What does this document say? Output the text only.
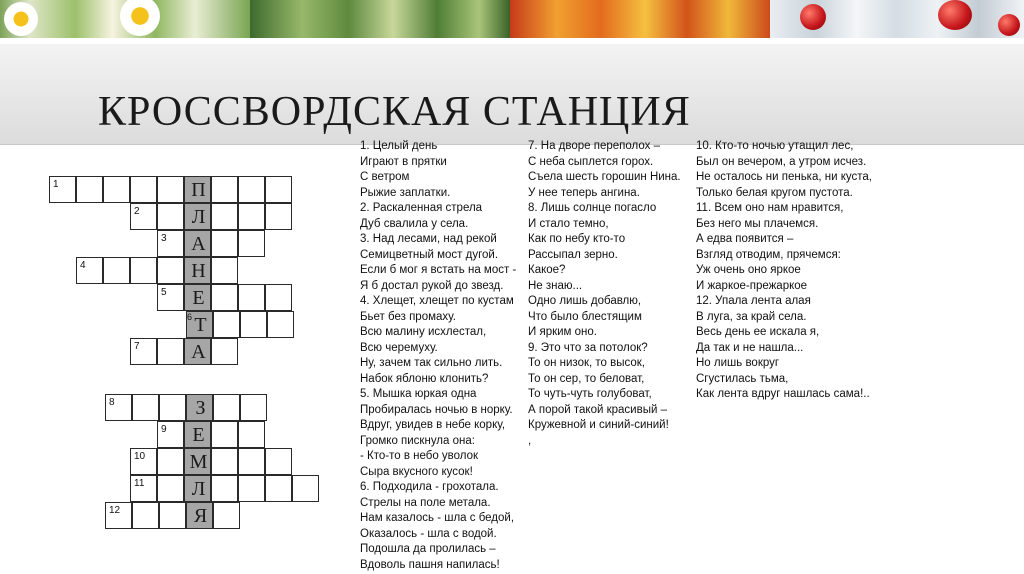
КРОССВОРДСКАЯ СТАНЦИЯ
П
1
Л
2
А
3
Н
4
Е
5
Т
6
А
7
З
8
Е
9
М
10
Л
11
Я
12
1. Целый день
Играют в прятки
С ветром
Рыжие заплатки.
2. Раскаленная стрела
Дуб свалила у села.
3. Над лесами, над рекой
Семицветный мост дугой.
Если б мог я встать на мост -
Я б достал рукой до звезд.
4. Хлещет, хлещет по кустам
Бьет без промаху.
Всю малину исхлестал,
Всю черемуху.
Ну, зачем так сильно лить.
Набок яблоню клонить?
5. Мышка юркая одна
Пробиралась ночью в норку.
Вдруг, увидев в небе корку,
Громко пискнула она:
- Кто-то в небо уволок
Сыра вкусного кусок!
6. Подходила - грохотала.
Стрелы на поле метала.
Нам казалось - шла с бедой,
Оказалось - шла с водой.
Подошла да пролилась –
Вдоволь пашня напилась!
7. На дворе переполох –
С неба сыплется горох.
Съела шесть горошин Нина.
У нее теперь ангина.
8. Лишь солнце погасло
И стало темно,
Как по небу кто-то
Рассыпал зерно.
Какое?
Не знаю...
Одно лишь добавлю,
Что было блестящим
И ярким оно.
9. Это что за потолок?
То он низок, то высок,
То он сер, то беловат,
То чуть-чуть голубоват,
А порой такой красивый –
Кружевной и синий-синий!
,
10. Кто-то ночью утащил лес,
Был он вечером, а утром исчез.
Не осталось ни пенька, ни куста,
Только белая кругом пустота.
11. Всем оно нам нравится,
Без него мы плачемся.
А едва появится –
Взгляд отводим, прячемся:
Уж очень оно яркое
И жаркое-прежаркое
12. Упала лента алая
В луга, за край села.
Весь день ее искала я,
Да так и не нашла...
Но лишь вокруг
Сгустилась тьма,
Как лента вдруг нашлась сама!..
